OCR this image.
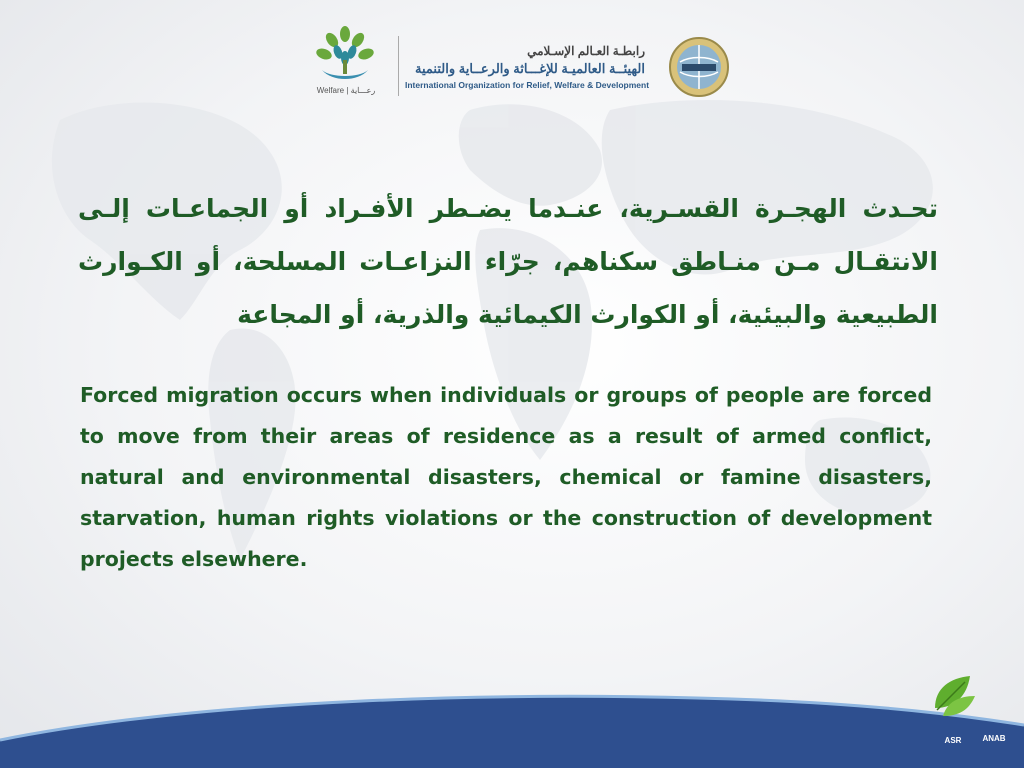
Welfare | رعـــاية
رابطـة العـالم الإسـلامي
الهيئــة العالميـة للإغـــاثة والرعــاية والتنمية
International Organization for Relief, Welfare & Development

تحـدث الهجـرة القسـرية، عنـدما يضـطر الأفـراد أو الجماعـات إلـى الانتقـال مـن منـاطق سكناهم، جرّاء النزاعـات المسلحة، أو الكـوارث الطبيعية والبيئية، أو الكوارث الكيمائية والذرية، أو المجاعة

Forced migration occurs when individuals or groups of people are forced to move from their areas of residence as a result of armed conflict, natural and environmental disasters, chemical or famine disasters, starvation, human rights violations or the construction of development projects elsewhere.

ASR	ANAB
